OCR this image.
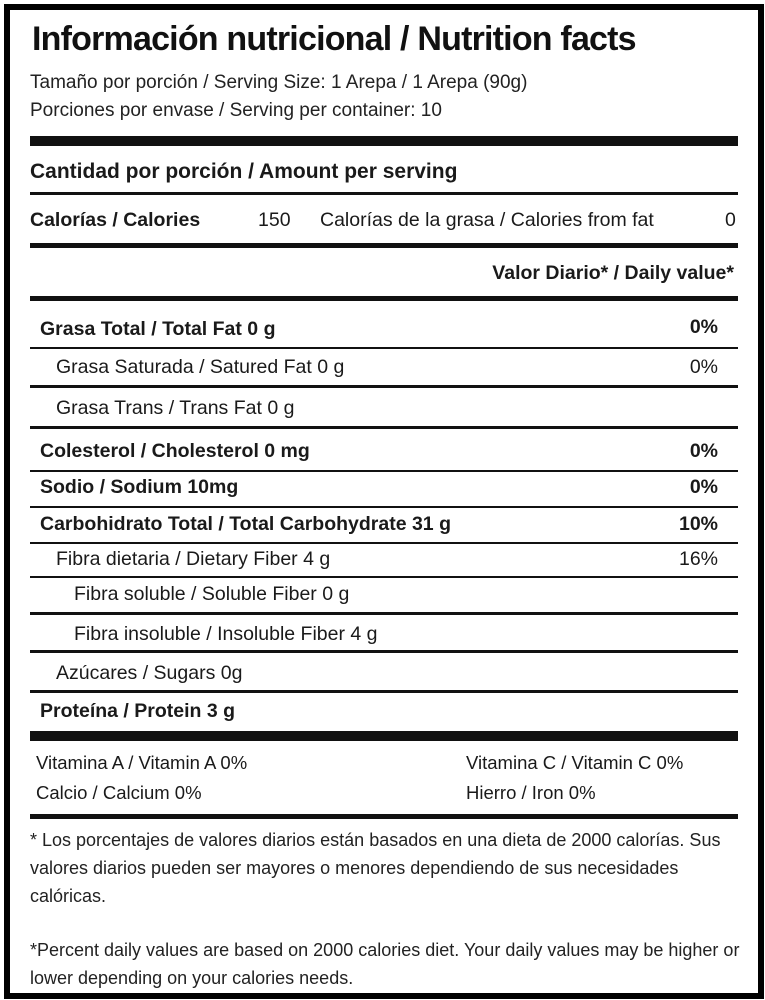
Información nutricional / Nutrition facts
Tamaño por porción / Serving Size: 1 Arepa / 1 Arepa (90g)
Porciones por envase / Serving per container: 10
Cantidad por porción / Amount per serving
Calorías / Calories	150 Calorías de la grasa / Calories from fat	0
Valor Diario* / Daily value*
Grasa Total / Total Fat 0 g	0%
Grasa Saturada / Satured Fat 0 g	0%
Grasa Trans / Trans Fat 0 g
Colesterol / Cholesterol 0 mg	0%
Sodio / Sodium 10mg	0%
Carbohidrato Total / Total Carbohydrate 31 g	10%
Fibra dietaria / Dietary Fiber 4 g	16%
Fibra soluble / Soluble Fiber 0 g
Fibra insoluble / Insoluble Fiber 4 g
Azúcares / Sugars 0g
Proteína / Protein 3 g
Vitamina A / Vitamin A 0%	Vitamina C / Vitamin C 0%
Calcio / Calcium 0%	Hierro / Iron 0%
* Los porcentajes de valores diarios están basados en una dieta de 2000 calorías. Sus valores diarios pueden ser mayores o menores dependiendo de sus necesidades calóricas.
*Percent daily values are based on 2000 calories diet. Your daily values may be higher or lower depending on your calories needs.
